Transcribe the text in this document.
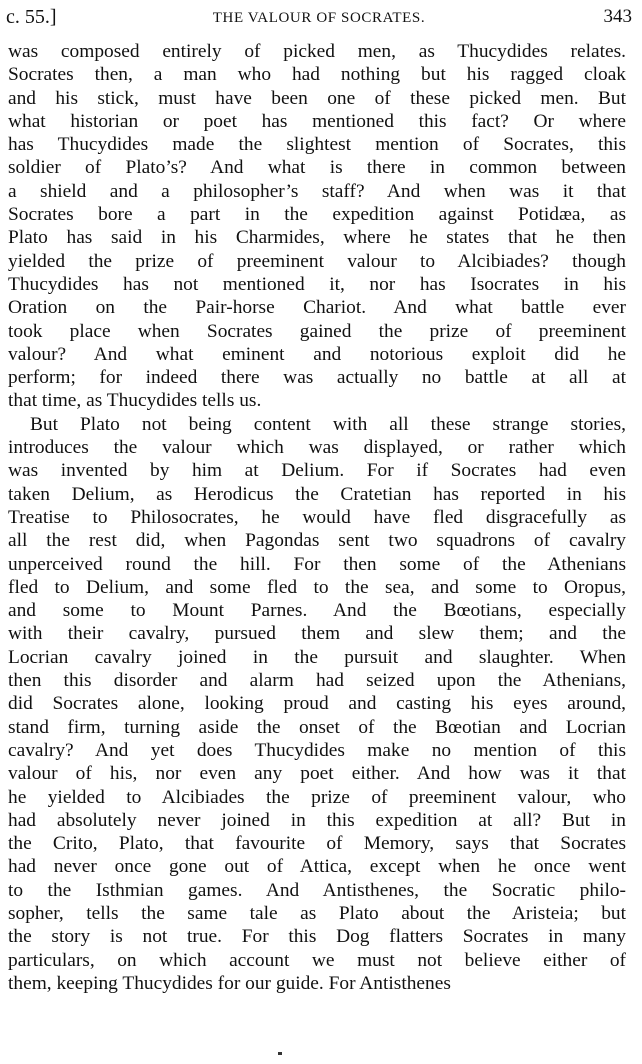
c. 55.]	THE VALOUR OF SOCRATES.	343
was composed entirely of picked men, as Thucydides relates.
Socrates then, a man who had nothing but his ragged cloak
and his stick, must have been one of these picked men. But
what historian or poet has mentioned this fact? Or where
has Thucydides made the slightest mention of Socrates, this
soldier of Plato’s? And what is there in common between
a shield and a philosopher’s staff? And when was it that
Socrates bore a part in the expedition against Potidæa, as
Plato has said in his Charmides, where he states that he then
yielded the prize of preeminent valour to Alcibiades? though
Thucydides has not mentioned it, nor has Isocrates in his
Oration on the Pair-horse Chariot. And what battle ever
took place when Socrates gained the prize of preeminent
valour? And what eminent and notorious exploit did he
perform; for indeed there was actually no battle at all at
that time, as Thucydides tells us.
But Plato not being content with all these strange stories,
introduces the valour which was displayed, or rather which
was invented by him at Delium. For if Socrates had even
taken Delium, as Herodicus the Cratetian has reported in his
Treatise to Philosocrates, he would have fled disgracefully as
all the rest did, when Pagondas sent two squadrons of cavalry
unperceived round the hill. For then some of the Athenians
fled to Delium, and some fled to the sea, and some to Oropus,
and some to Mount Parnes. And the Bœotians, especially
with their cavalry, pursued them and slew them; and the
Locrian cavalry joined in the pursuit and slaughter. When
then this disorder and alarm had seized upon the Athenians,
did Socrates alone, looking proud and casting his eyes around,
stand firm, turning aside the onset of the Bœotian and Locrian
cavalry? And yet does Thucydides make no mention of this
valour of his, nor even any poet either. And how was it that
he yielded to Alcibiades the prize of preeminent valour, who
had absolutely never joined in this expedition at all? But in
the Crito, Plato, that favourite of Memory, says that Socrates
had never once gone out of Attica, except when he once went
to the Isthmian games. And Antisthenes, the Socratic philo-
sopher, tells the same tale as Plato about the Aristeia; but
the story is not true. For this Dog flatters Socrates in many
particulars, on which account we must not believe either of
them, keeping Thucydides for our guide. For Antisthenes
